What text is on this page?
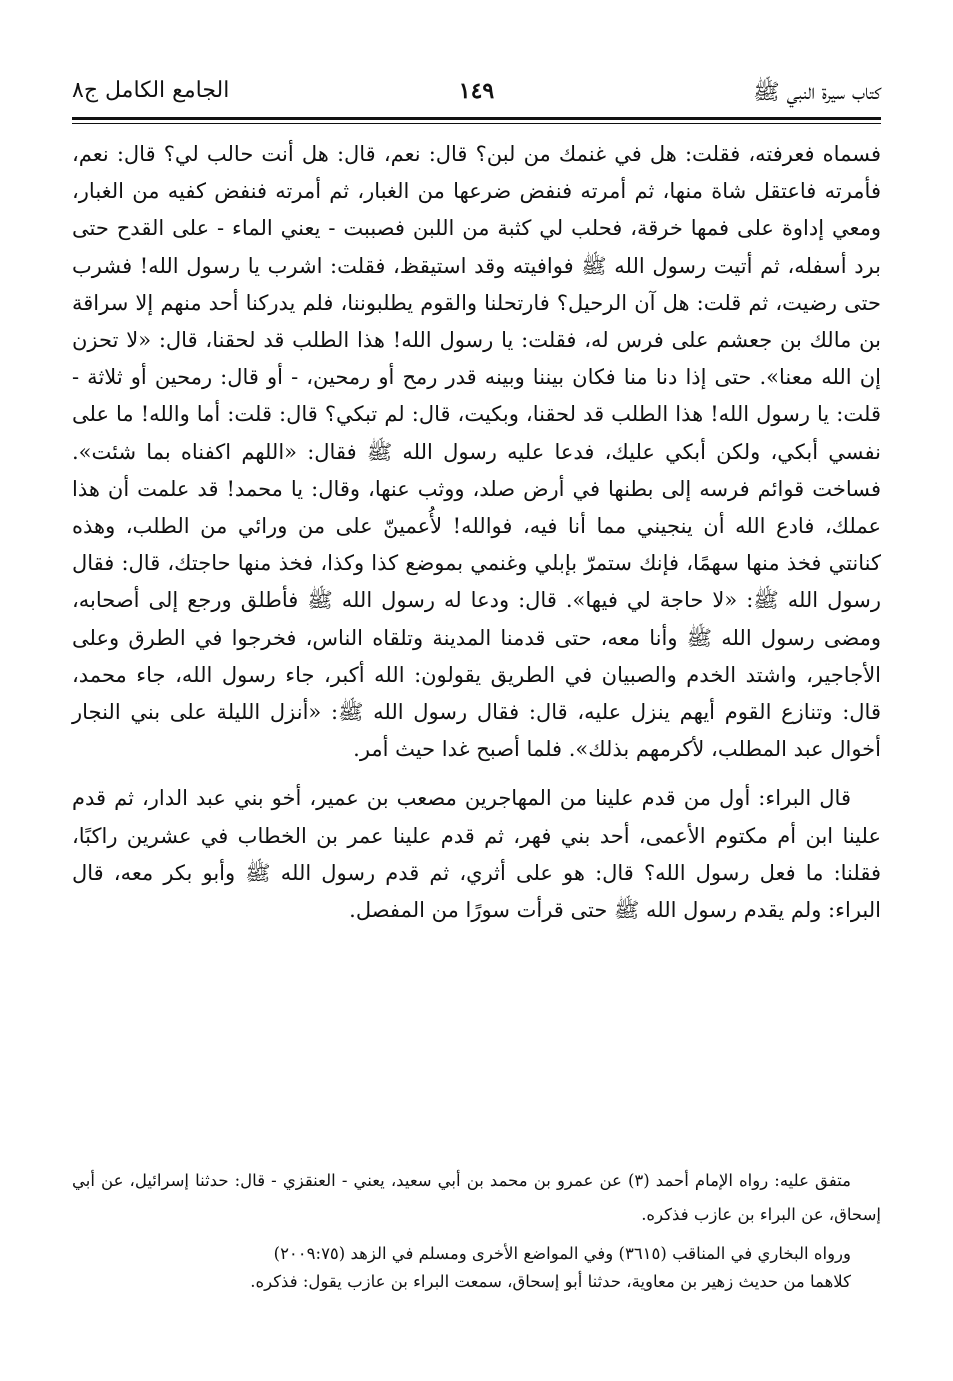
كتاب سيرة النبي ﷺ
١٤٩
الجامع الكامل ج٨

فسماه فعرفته، فقلت: هل في غنمك من لبن؟ قال: نعم، قال: هل أنت حالب لي؟ قال: نعم، فأمرته فاعتقل شاة منها، ثم أمرته فنفض ضرعها من الغبار، ثم أمرته فنفض كفيه من الغبار، ومعي إداوة على فمها خرقة، فحلب لي كثبة من اللبن فصببت - يعني الماء - على القدح حتى برد أسفله، ثم أتيت رسول الله ﷺ فوافيته وقد استيقظ، فقلت: اشرب يا رسول الله! فشرب حتى رضيت، ثم قلت: هل آن الرحيل؟ فارتحلنا والقوم يطلبوننا، فلم يدركنا أحد منهم إلا سراقة بن مالك بن جعشم على فرس له، فقلت: يا رسول الله! هذا الطلب قد لحقنا، قال: «لا تحزن إن الله معنا». حتى إذا دنا منا فكان بيننا وبينه قدر رمح أو رمحين، - أو قال: رمحين أو ثلاثة - قلت: يا رسول الله! هذا الطلب قد لحقنا، وبكيت، قال: لم تبكي؟ قال: قلت: أما والله! ما على نفسي أبكي، ولكن أبكي عليك، فدعا عليه رسول الله ﷺ فقال: «اللهم اكفناه بما شئت». فساخت قوائم فرسه إلى بطنها في أرض صلد، ووثب عنها، وقال: يا محمد! قد علمت أن هذا عملك، فادع الله أن ينجيني مما أنا فيه، فوالله! لأُعمينّ على من ورائي من الطلب، وهذه كنانتي فخذ منها سهمًا، فإنك ستمرّ بإبلي وغنمي بموضع كذا وكذا، فخذ منها حاجتك، قال: فقال رسول الله ﷺ: «لا حاجة لي فيها». قال: ودعا له رسول الله ﷺ فأطلق ورجع إلى أصحابه، ومضى رسول الله ﷺ وأنا معه، حتى قدمنا المدينة وتلقاه الناس، فخرجوا في الطرق وعلى الأجاجير، واشتد الخدم والصبيان في الطريق يقولون: الله أكبر، جاء رسول الله، جاء محمد، قال: وتنازع القوم أيهم ينزل عليه، قال: فقال رسول الله ﷺ: «أنزل الليلة على بني النجار أخوال عبد المطلب، لأكرمهم بذلك». فلما أصبح غدا حيث أمر.

قال البراء: أول من قدم علينا من المهاجرين مصعب بن عمير، أخو بني عبد الدار، ثم قدم علينا ابن أم مكتوم الأعمى، أحد بني فهر، ثم قدم علينا عمر بن الخطاب في عشرين راكبًا، فقلنا: ما فعل رسول الله؟ قال: هو على أثري، ثم قدم رسول الله ﷺ وأبو بكر معه، قال البراء: ولم يقدم رسول الله ﷺ حتى قرأت سورًا من المفصل.

متفق عليه: رواه الإمام أحمد (٣) عن عمرو بن محمد بن أبي سعيد، يعني - العنقزي - قال: حدثنا إسرائيل، عن أبي إسحاق، عن البراء بن عازب فذكره.

ورواه البخاري في المناقب (٣٦١٥) وفي المواضع الأخرى ومسلم في الزهد (٢٠٠٩:٧٥)
كلاهما من حديث زهير بن معاوية، حدثنا أبو إسحاق، سمعت البراء بن عازب يقول: فذكره.
